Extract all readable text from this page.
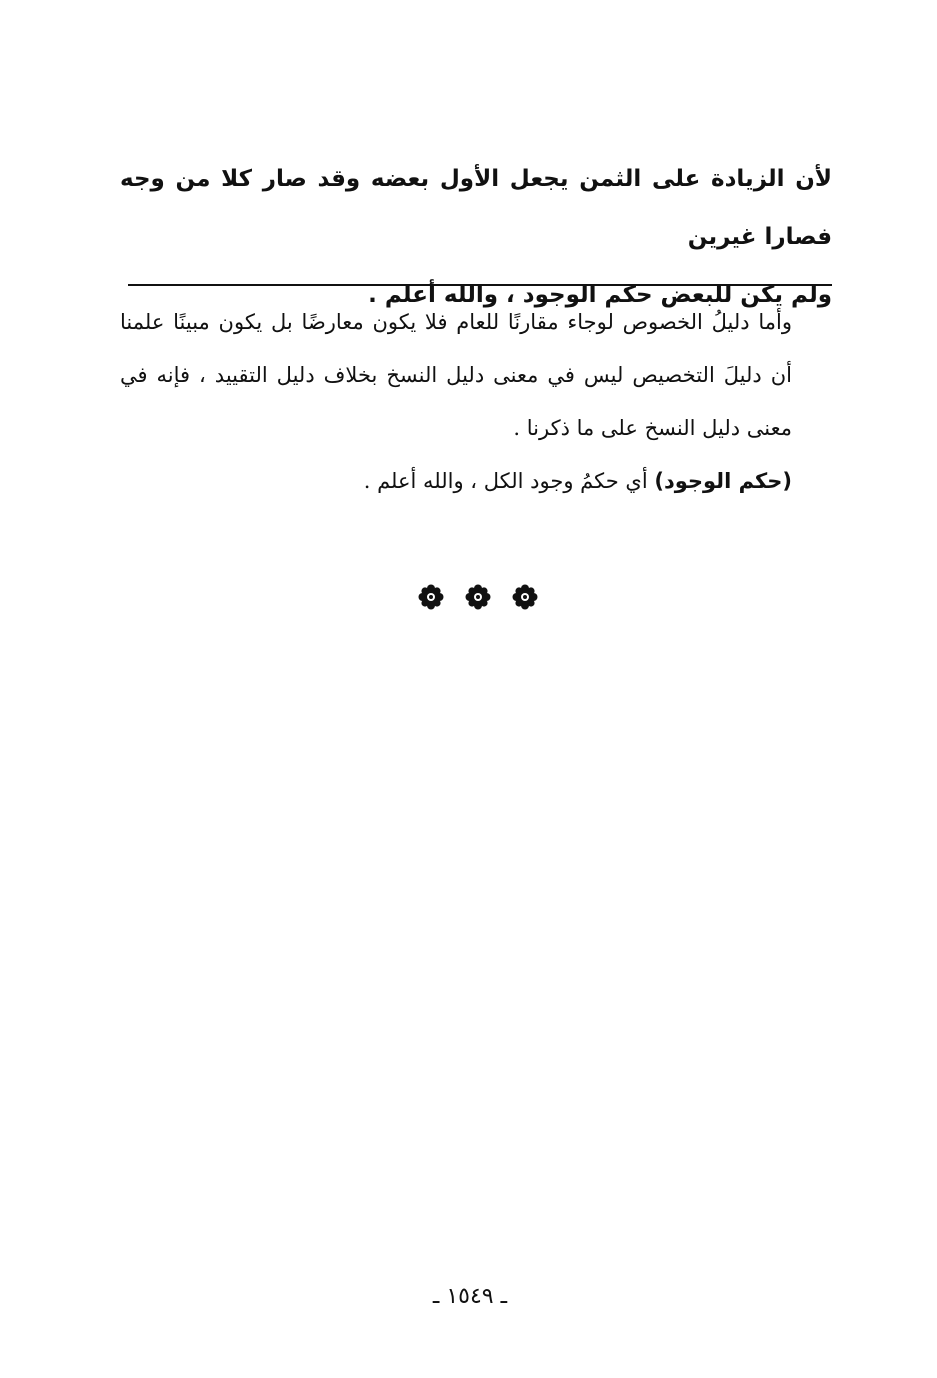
لأن الزيادة على الثمن يجعل الأول بعضه وقد صار كلا من وجه فصارا غيرين

ولم يكن للبعض حكم الوجود ، والله أعلم .

وأما دليلُ الخصوص لوجاء مقارنًا للعام فلا يكون معارضًا بل يكون مبينًا علمنا أن دليلَ التخصيص ليس في معنى دليل النسخ بخلاف دليل التقييد ، فإنه في معنى دليل النسخ على ما ذكرنا .

(حكم الوجود) أي حكمُ وجود الكل ، والله أعلم .

ـ ١٥٤٩ ـ
